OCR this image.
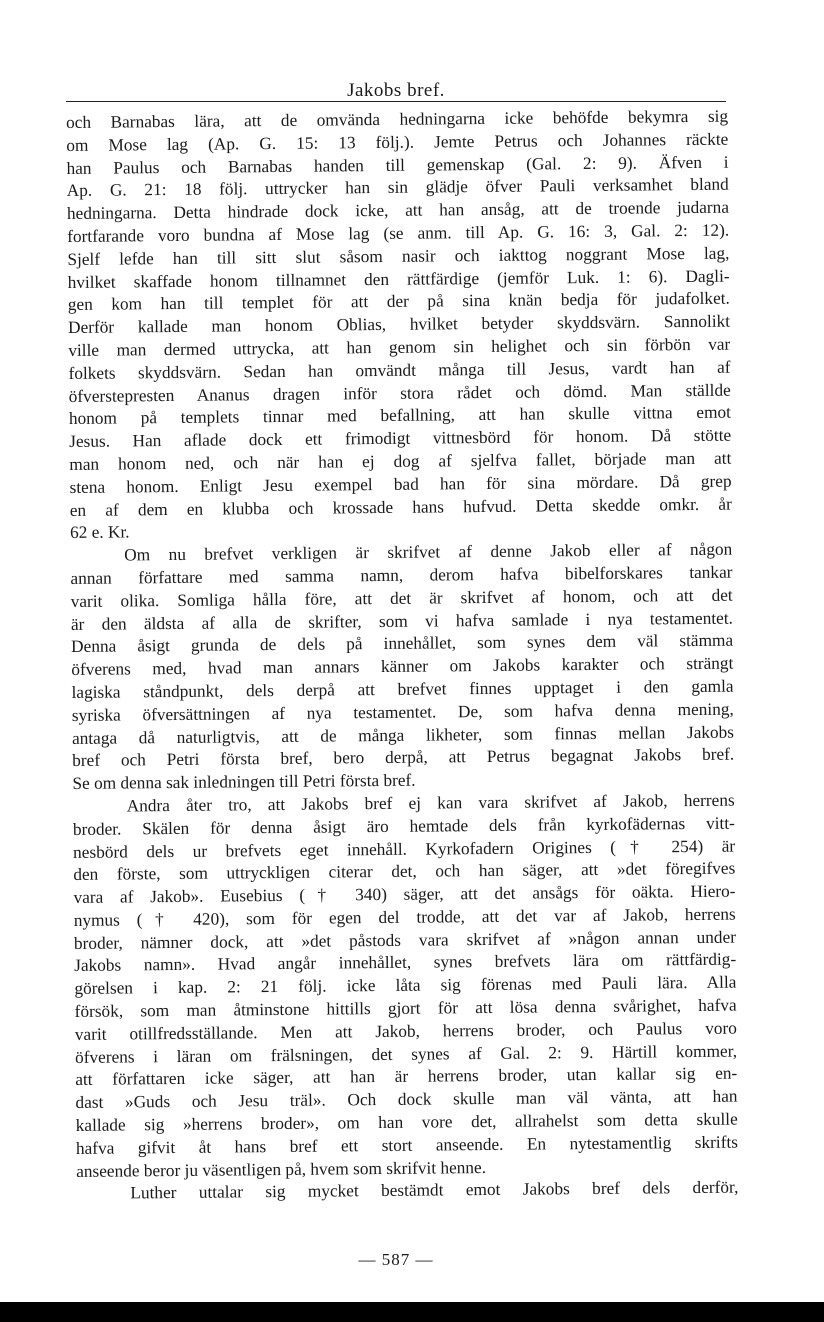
Jakobs bref.
och Barnabas lära, att de omvända hedningarna icke behöfde bekymra sig
om Mose lag (Ap. G. 15: 13 följ.). Jemte Petrus och Johannes räckte
han Paulus och Barnabas handen till gemenskap (Gal. 2: 9). Äfven i
Ap. G. 21: 18 följ. uttrycker han sin glädje öfver Pauli verksamhet bland
hedningarna. Detta hindrade dock icke, att han ansåg, att de troende judarna
fortfarande voro bundna af Mose lag (se anm. till Ap. G. 16: 3, Gal. 2: 12).
Sjelf lefde han till sitt slut såsom nasir och iakttog noggrant Mose lag,
hvilket skaffade honom tillnamnet den rättfärdige (jemför Luk. 1: 6). Dagli-
gen kom han till templet för att der på sina knän bedja för judafolket.
Derför kallade man honom Oblias, hvilket betyder skyddsvärn. Sannolikt
ville man dermed uttrycka, att han genom sin helighet och sin förbön var
folkets skyddsvärn. Sedan han omvändt många till Jesus, vardt han af
öfverstepresten Ananus dragen inför stora rådet och dömd. Man ställde
honom på templets tinnar med befallning, att han skulle vittna emot
Jesus. Han aflade dock ett frimodigt vittnesbörd för honom. Då stötte
man honom ned, och när han ej dog af sjelfva fallet, började man att
stena honom. Enligt Jesu exempel bad han för sina mördare. Då grep
en af dem en klubba och krossade hans hufvud. Detta skedde omkr. år
62 e. Kr.
Om nu brefvet verkligen är skrifvet af denne Jakob eller af någon
annan författare med samma namn, derom hafva bibelforskares tankar
varit olika. Somliga hålla före, att det är skrifvet af honom, och att det
är den äldsta af alla de skrifter, som vi hafva samlade i nya testamentet.
Denna åsigt grunda de dels på innehållet, som synes dem väl stämma
öfverens med, hvad man annars känner om Jakobs karakter och strängt
lagiska ståndpunkt, dels derpå att brefvet finnes upptaget i den gamla
syriska öfversättningen af nya testamentet. De, som hafva denna mening,
antaga då naturligtvis, att de många likheter, som finnas mellan Jakobs
bref och Petri första bref, bero derpå, att Petrus begagnat Jakobs bref.
Se om denna sak inledningen till Petri första bref.
Andra åter tro, att Jakobs bref ej kan vara skrifvet af Jakob, herrens
broder. Skälen för denna åsigt äro hemtade dels från kyrkofädernas vitt-
nesbörd dels ur brefvets eget innehåll. Kyrkofadern Origines († 254) är
den förste, som uttryckligen citerar det, och han säger, att »det föregifves
vara af Jakob». Eusebius († 340) säger, att det ansågs för oäkta. Hiero-
nymus († 420), som för egen del trodde, att det var af Jakob, herrens
broder, nämner dock, att »det påstods vara skrifvet af »någon annan under
Jakobs namn». Hvad angår innehållet, synes brefvets lära om rättfärdig-
görelsen i kap. 2: 21 följ. icke låta sig förenas med Pauli lära. Alla
försök, som man åtminstone hittills gjort för att lösa denna svårighet, hafva
varit otillfredsställande. Men att Jakob, herrens broder, och Paulus voro
öfverens i läran om frälsningen, det synes af Gal. 2: 9. Härtill kommer,
att författaren icke säger, att han är herrens broder, utan kallar sig en-
dast »Guds och Jesu träl». Och dock skulle man väl vänta, att han
kallade sig »herrens broder», om han vore det, allrahelst som detta skulle
hafva gifvit åt hans bref ett stort anseende. En nytestamentlig skrifts
anseende beror ju väsentligen på, hvem som skrifvit henne.
Luther uttalar sig mycket bestämdt emot Jakobs bref dels derför,
— 587 —
